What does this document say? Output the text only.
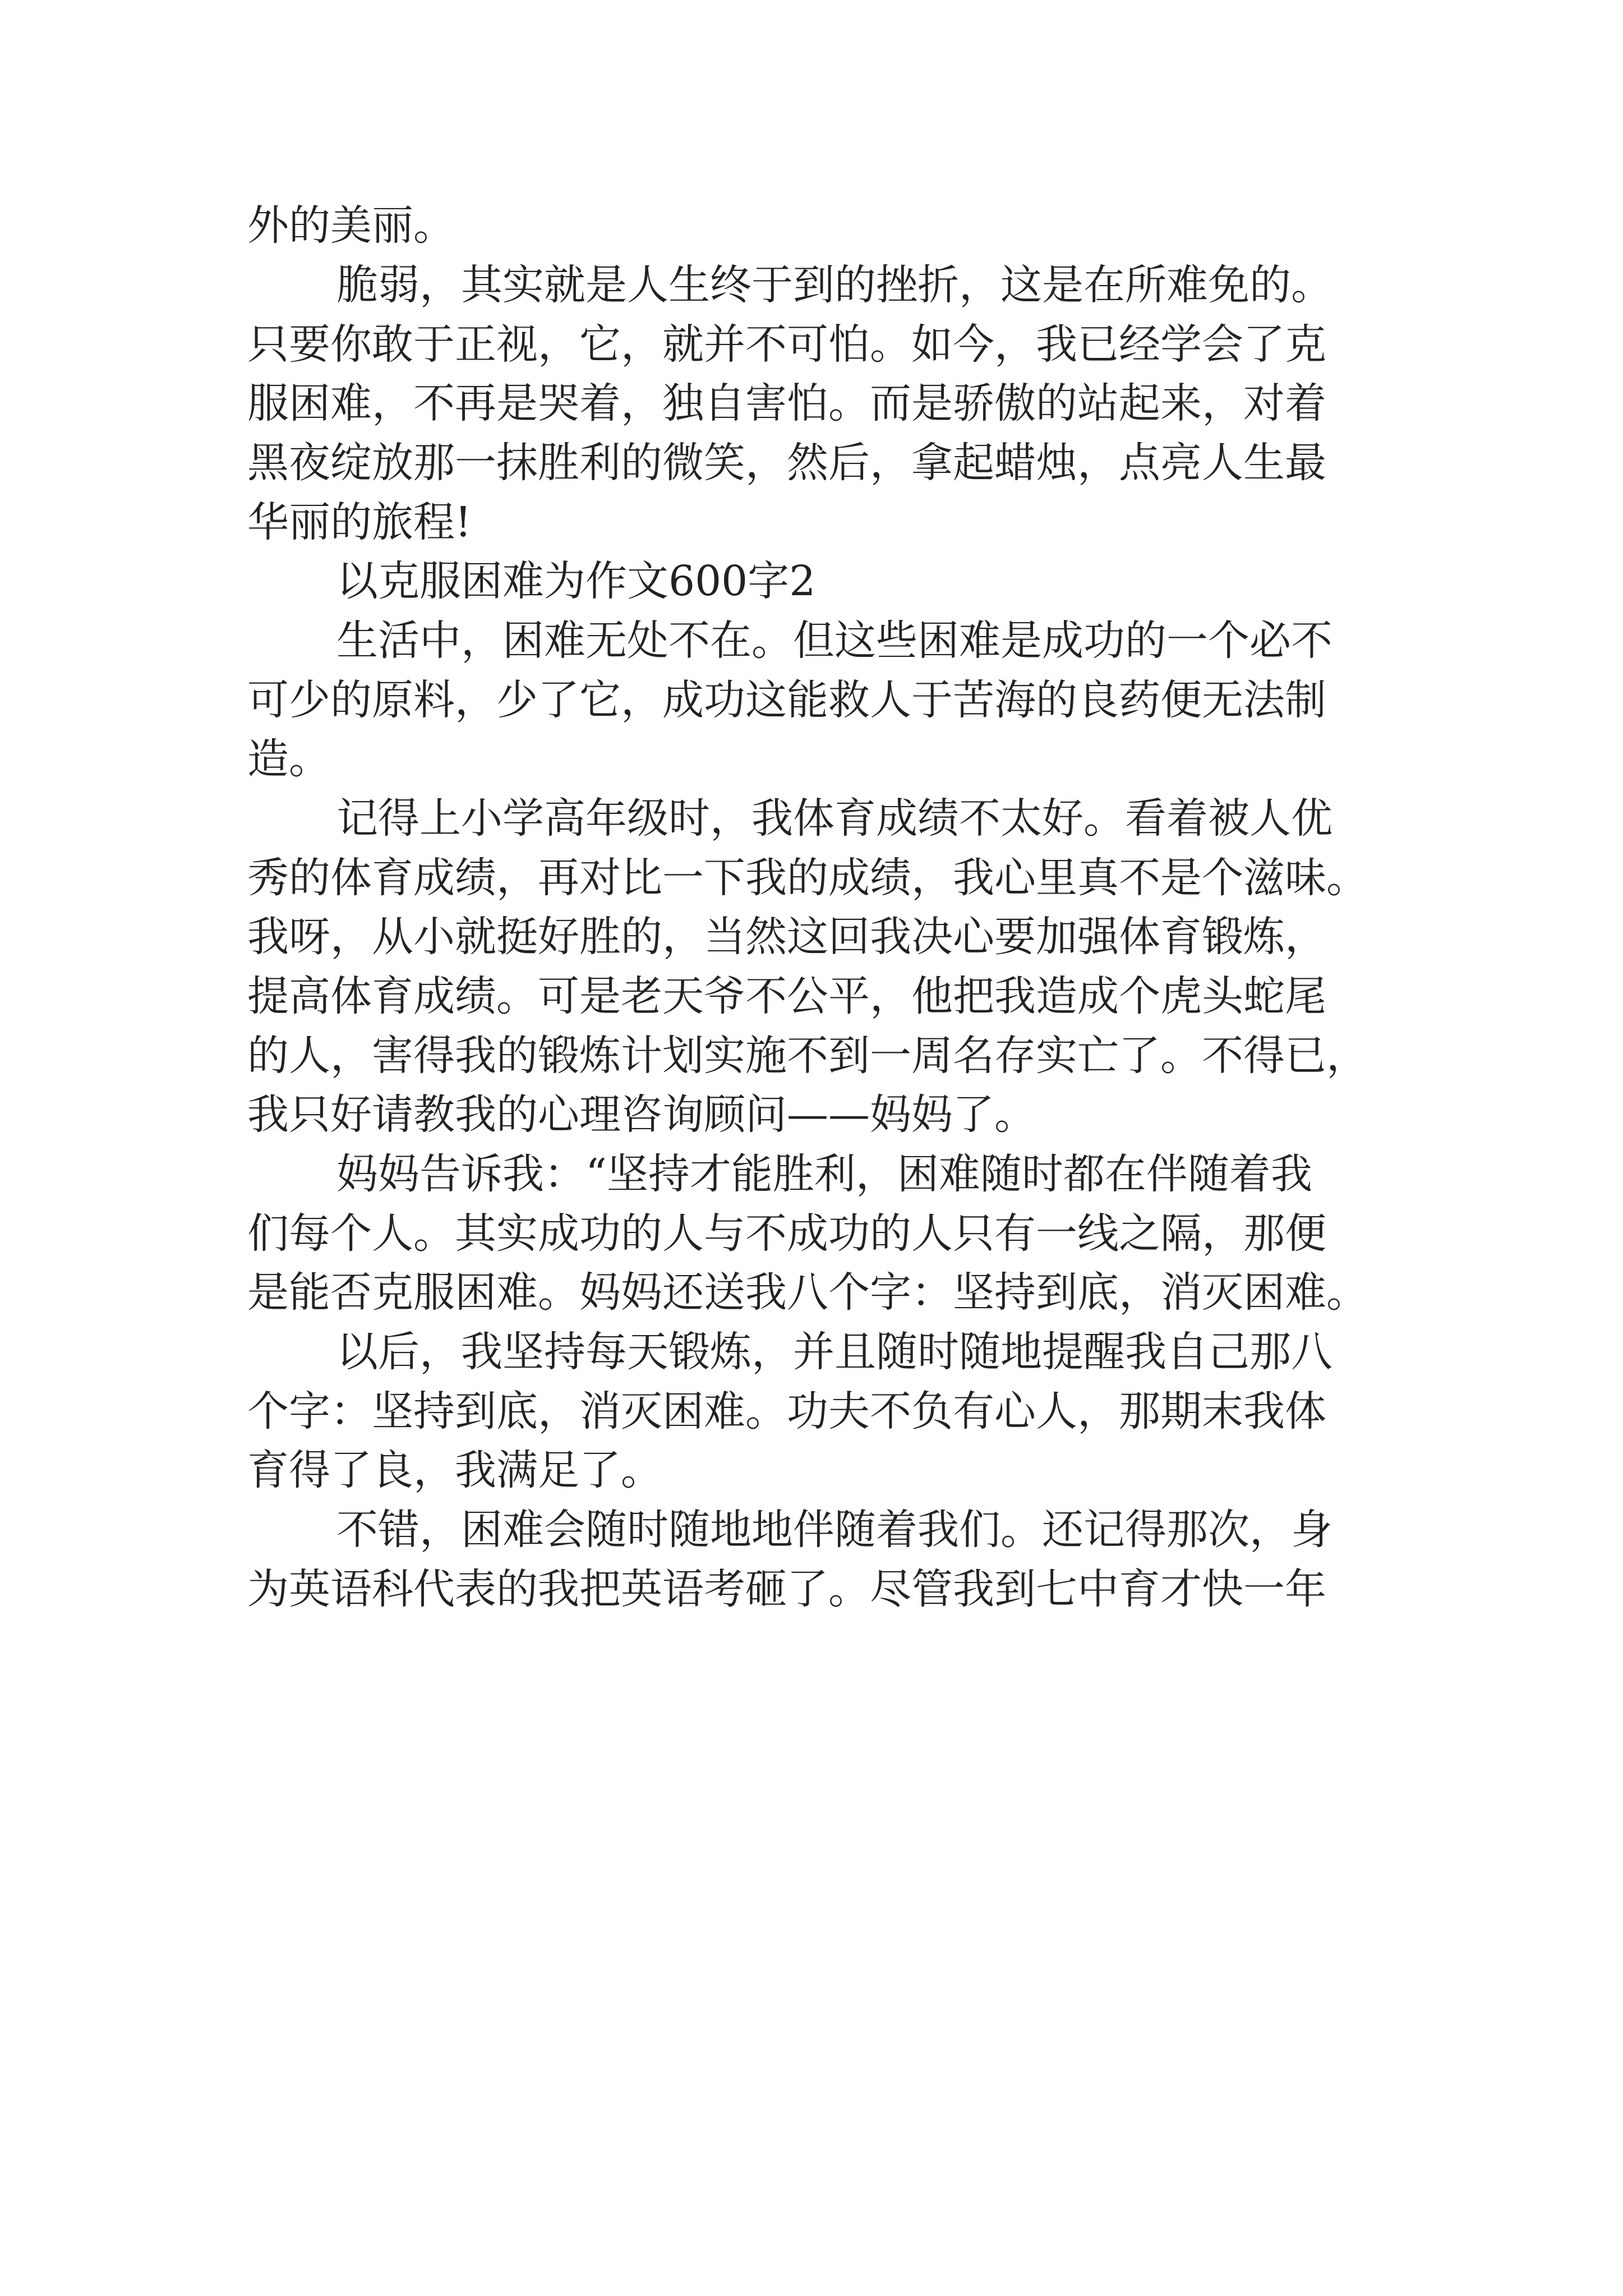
外的美丽。

脆弱，其实就是人生终于到的挫折，这是在所难免的。

只要你敢于正视，它，就并不可怕。如今，我已经学会了克

服困难，不再是哭着，独自害怕。而是骄傲的站起来，对着

黑夜绽放那一抹胜利的微笑，然后，拿起蜡烛，点亮人生最

华丽的旅程!

以克服困难为作文600字2

生活中，困难无处不在。但这些困难是成功的一个必不

可少的原料，少了它，成功这能救人于苦海的良药便无法制

造。

记得上小学高年级时，我体育成绩不太好。看着被人优

秀的体育成绩，再对比一下我的成绩，我心里真不是个滋味。

我呀，从小就挺好胜的，当然这回我决心要加强体育锻炼，

提高体育成绩。可是老天爷不公平，他把我造成个虎头蛇尾

的人，害得我的锻炼计划实施不到一周名存实亡了。不得已，

我只好请教我的心理咨询顾问——妈妈了。

妈妈告诉我：“坚持才能胜利，困难随时都在伴随着我

们每个人。其实成功的人与不成功的人只有一线之隔，那便

是能否克服困难。妈妈还送我八个字：坚持到底，消灭困难。

以后，我坚持每天锻炼，并且随时随地提醒我自己那八

个字：坚持到底，消灭困难。功夫不负有心人，那期末我体

育得了良，我满足了。

不错，困难会随时随地地伴随着我们。还记得那次，身

为英语科代表的我把英语考砸了。尽管我到七中育才快一年
